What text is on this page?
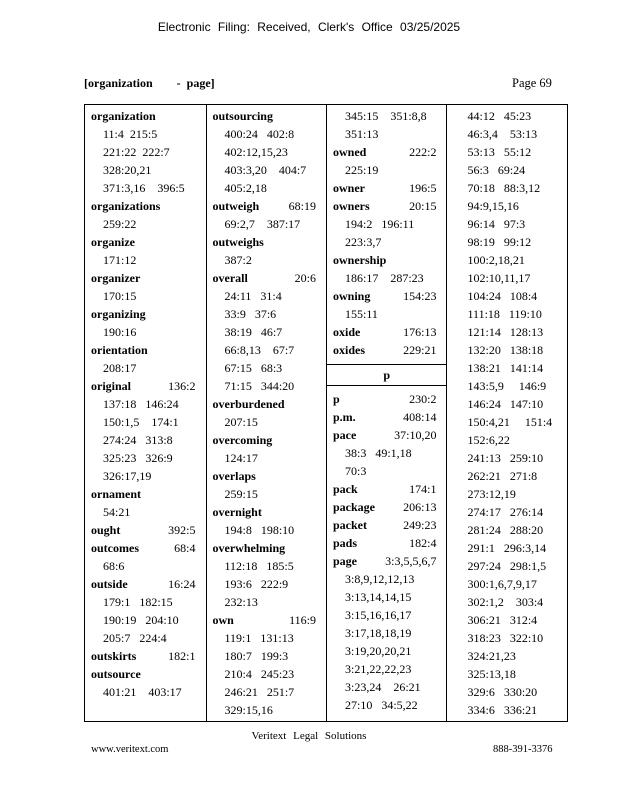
Electronic Filing: Received, Clerk's Office 03/25/2025
[organization        -  page]	Page 69
organization
11:4  215:5
221:22  222:7
328:20,21
371:3,16    396:5
organizations
259:22
organize
171:12
organizer
170:15
organizing
190:16
orientation
208:17
original	136:2
137:18   146:24
150:1,5    174:1
274:24   313:8
325:23   326:9
326:17,19
ornament
54:21
ought	392:5
outcomes	68:4
68:6
outside	16:24
179:1   182:15
190:19   204:10
205:7   224:4
outskirts	182:1
outsource
401:21    403:17
outsourcing
400:24   402:8
402:12,15,23
403:3,20    404:7
405:2,18
outweigh 68:19
69:2,7    387:17
outweighs
387:2
overall	20:6
24:11   31:4
33:9   37:6
38:19   46:7
66:8,13    67:7
67:15   68:3
71:15   344:20
overburdened
207:15
overcoming
124:17
overlaps
259:15
overnight
194:8   198:10
overwhelming
112:18   185:5
193:6   222:9
232:13
own	116:9
119:1   131:13
180:7   199:3
210:4   245:23
246:21   251:7
329:15,16
345:15    351:8,8
351:13
owned	222:2
225:19
owner	196:5
owners	20:15
194:2   196:11
223:3,7
ownership
186:17    287:23
owning	154:23
155:11
oxide	176:13
oxides	229:21
p
p	230:2
p.m.	408:14
pace	37:10,20
38:3   49:1,18
70:3
pack	174:1
package 206:13
packet	249:23
pads	182:4
page 3:3,5,5,6,7
3:8,9,12,12,13
3:13,14,14,15
3:15,16,16,17
3:17,18,18,19
3:19,20,20,21
3:21,22,22,23
3:23,24    26:21
27:10   34:5,22
44:12   45:23
46:3,4    53:13
53:13   55:12
56:3   69:24
70:18   88:3,12
94:9,15,16
96:14   97:3
98:19   99:12
100:2,18,21
102:10,11,17
104:24   108:4
111:18   119:10
121:14   128:13
132:20   138:18
138:21   141:14
143:5,9     146:9
146:24   147:10
150:4,21     151:4
152:6,22
241:13   259:10
262:21   271:8
273:12,19
274:17   276:14
281:24   288:20
291:1   296:3,14
297:24   298:1,5
300:1,6,7,9,17
302:1,2    303:4
306:21   312:4
318:23   322:10
324:21,23
325:13,18
329:6   330:20
334:6   336:21
Veritext Legal Solutions
www.veritext.com	888-391-3376
